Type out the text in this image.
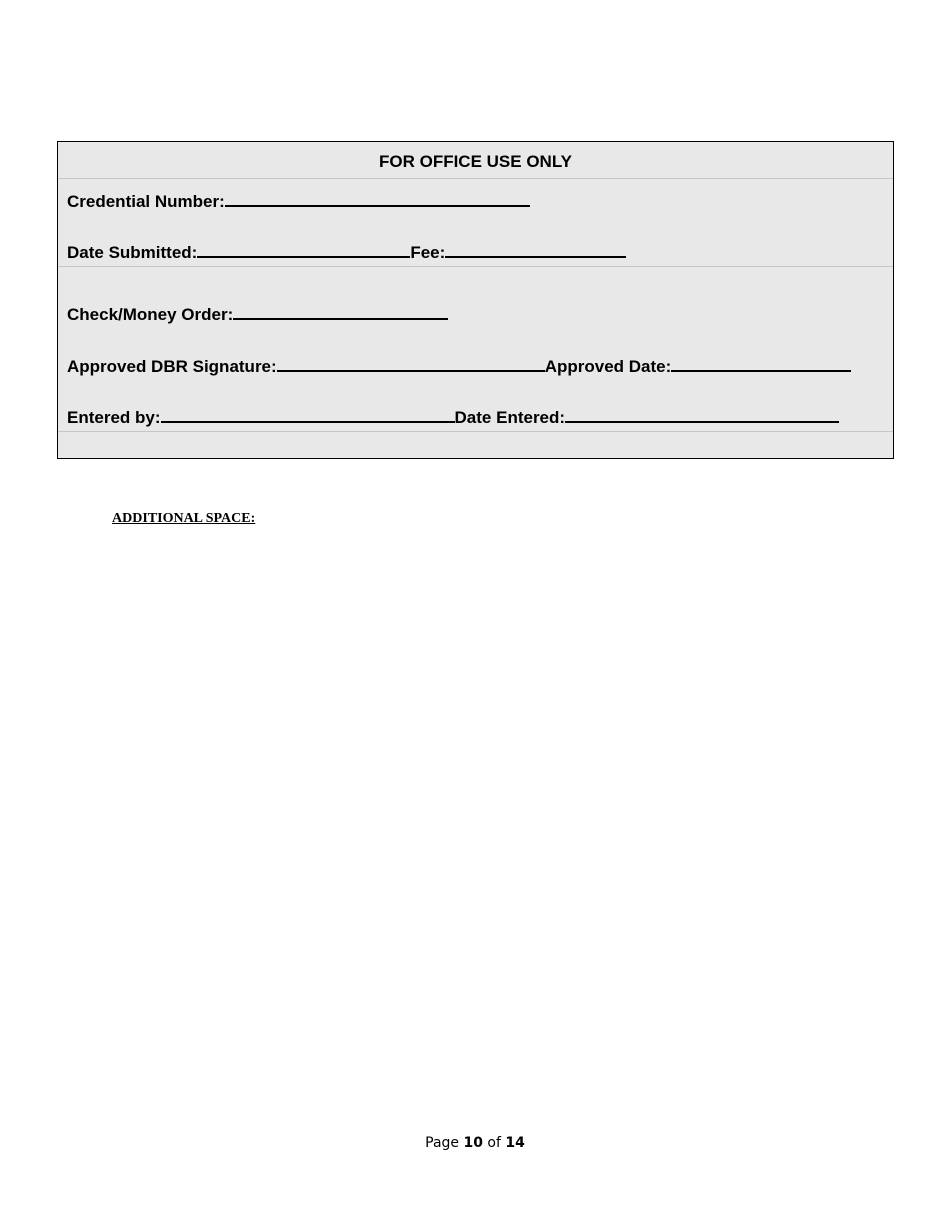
FOR OFFICE USE ONLY
Credential Number:
Date Submitted:	Fee:
Check/Money Order:
Approved DBR Signature:	Approved Date:
Entered by:	Date Entered:
ADDITIONAL SPACE:
Page 10 of 14
